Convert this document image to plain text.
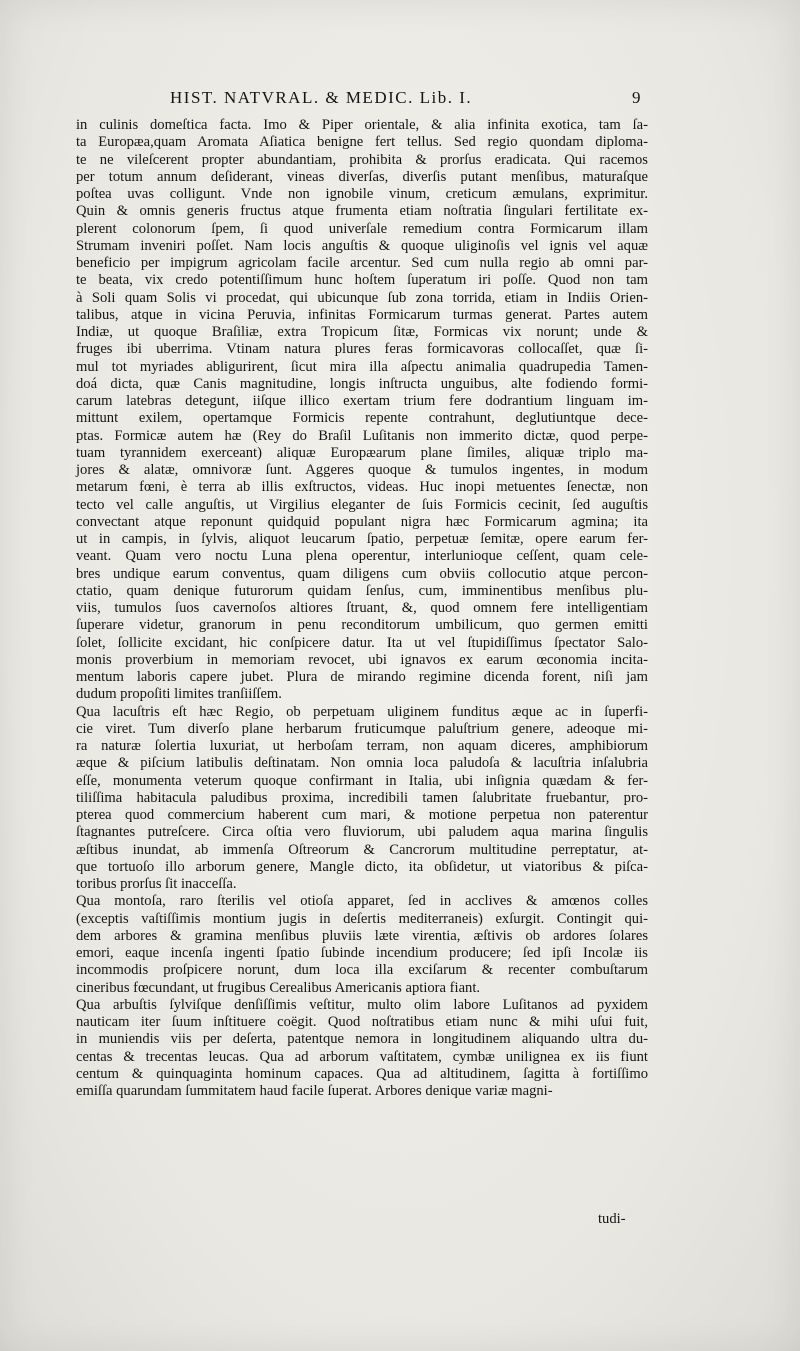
HIST. NATVRAL. & MEDIC. Lib. I.	9
in culinis domeſtica facta. Imo & Piper orientale, & alia infinita exotica, tam ſa-
ta Europæa,quam Aromata Aſiatica benigne fert tellus. Sed regio quondam diploma-
te ne vileſcerent propter abundantiam, prohibita & prorſus eradicata. Qui racemos
per totum annum deſiderant, vineas diverſas, diverſis putant menſibus, maturaſque
poſtea uvas colligunt. Vnde non ignobile vinum, creticum æmulans, exprimitur.
Quin & omnis generis fructus atque frumenta etiam noſtratia ſingulari fertilitate ex-
plerent colonorum ſpem, ſi quod univerſale remedium contra Formicarum illam
Strumam inveniri poſſet. Nam locis anguſtis & quoque uliginoſis vel ignis vel aquæ
beneficio per impigrum agricolam facile arcentur. Sed cum nulla regio ab omni par-
te beata, vix credo potentiſſimum hunc hoſtem ſuperatum iri poſſe. Quod non tam
à Soli quam Solis vi procedat, qui ubicunque ſub zona torrida, etiam in Indiis Orien-
talibus, atque in vicina Peruvia, infinitas Formicarum turmas generat. Partes autem
Indiæ, ut quoque Braſiliæ, extra Tropicum ſitæ, Formicas vix norunt; unde &
fruges ibi uberrima. Vtinam natura plures feras formicavoras collocaſſet, quæ ſi-
mul tot myriades abligurirent, ſicut mira illa aſpectu animalia quadrupedia Tamen-
doá dicta, quæ Canis magnitudine, longis inſtructa unguibus, alte fodiendo formi-
carum latebras detegunt, iiſque illico exertam trium fere dodrantium linguam im-
mittunt exilem, opertamque Formicis repente contrahunt, deglutiuntque dece-
ptas. Formicæ autem hæ (Rey do Braſil Luſitanis non immerito dictæ, quod perpe-
tuam tyrannidem exerceant) aliquæ Europæarum plane ſimiles, aliquæ triplo ma-
jores & alatæ, omnivoræ ſunt. Aggeres quoque & tumulos ingentes, in modum
metarum fœni, è terra ab illis exſtructos, videas. Huc inopi metuentes ſenectæ, non
tecto vel calle anguſtis, ut Virgilius eleganter de ſuis Formicis cecinit, ſed auguſtis
convectant atque reponunt quidquid populant nigra hæc Formicarum agmina; ita
ut in campis, in ſylvis, aliquot leucarum ſpatio, perpetuæ ſemitæ, opere earum fer-
veant. Quam vero noctu Luna plena operentur, interlunioque ceſſent, quam cele-
bres undique earum conventus, quam diligens cum obviis collocutio atque percon-
ctatio, quam denique futurorum quidam ſenſus, cum, imminentibus menſibus plu-
viis, tumulos ſuos cavernoſos altiores ſtruant, &, quod omnem fere intelligentiam
ſuperare videtur, granorum in penu reconditorum umbilicum, quo germen emitti
ſolet, ſollicite excidant, hic conſpicere datur. Ita ut vel ſtupidiſſimus ſpectator Salo-
monis proverbium in memoriam revocet, ubi ignavos ex earum œconomia incita-
mentum laboris capere jubet. Plura de mirando regimine dicenda forent, niſi jam
dudum propoſiti limites tranſiiſſem.
Qua lacuſtris eſt hæc Regio, ob perpetuam uliginem funditus æque ac in ſuperfi-
cie viret. Tum diverſo plane herbarum fruticumque paluſtrium genere, adeoque mi-
ra naturæ ſolertia luxuriat, ut herboſam terram, non aquam diceres, amphibiorum
æque & piſcium latibulis deſtinatam. Non omnia loca paludoſa & lacuſtria inſalubria
eſſe, monumenta veterum quoque confirmant in Italia, ubi inſignia quædam & fer-
tiliſſima habitacula paludibus proxima, incredibili tamen ſalubritate fruebantur, pro-
pterea quod commercium haberent cum mari, & motione perpetua non paterentur
ſtagnantes putreſcere. Circa oſtia vero fluviorum, ubi paludem aqua marina ſingulis
æſtibus inundat, ab immenſa Oſtreorum & Cancrorum multitudine perreptatur, at-
que tortuoſo illo arborum genere, Mangle dicto, ita obſidetur, ut viatoribus & piſca-
toribus prorſus ſit inacceſſa.
Qua montoſa, raro ſterilis vel otioſa apparet, ſed in acclives & amœnos colles
(exceptis vaſtiſſimis montium jugis in deſertis mediterraneis) exſurgit. Contingit qui-
dem arbores & gramina menſibus pluviis læte virentia, æſtivis ob ardores ſolares
emori, eaque incenſa ingenti ſpatio ſubinde incendium producere; ſed ipſi Incolæ iis
incommodis proſpicere norunt, dum loca illa exciſarum & recenter combuſtarum
cineribus fœcundant, ut frugibus Cerealibus Americanis aptiora fiant.
Qua arbuſtis ſylviſque denſiſſimis veſtitur, multo olim labore Luſitanos ad pyxidem
nauticam iter ſuum inſtituere coëgit. Quod noſtratibus etiam nunc & mihi uſui fuit,
in muniendis viis per deſerta, patentque nemora in longitudinem aliquando ultra du-
centas & trecentas leucas. Qua ad arborum vaſtitatem, cymbæ unilignea ex iis fiunt
centum & quinquaginta hominum capaces. Qua ad altitudinem, ſagitta à fortiſſimo
emiſſa quarundam ſummitatem haud facile ſuperat. Arbores denique variæ magni-
tudi-
